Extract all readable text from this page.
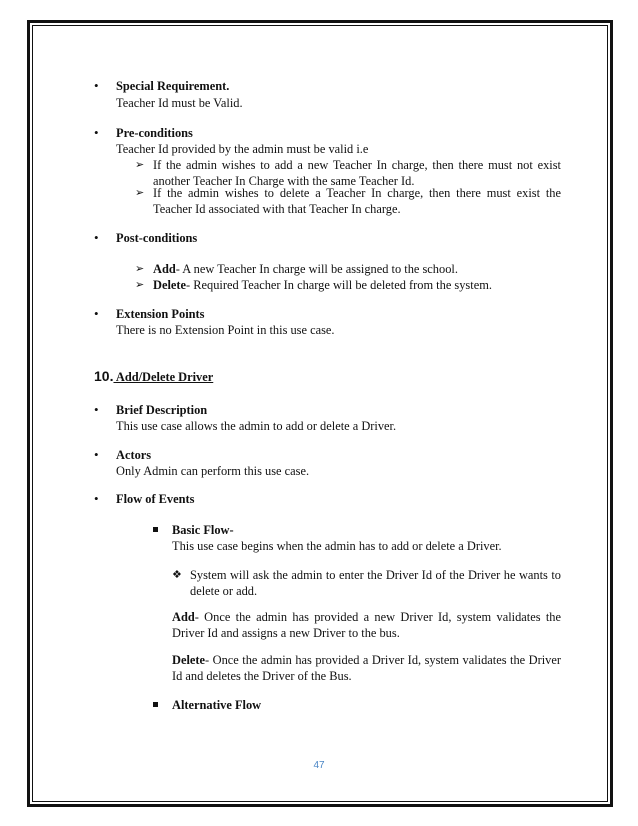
• Special Requirement.
Teacher Id must be Valid.
• Pre-conditions
Teacher Id provided by the admin must be valid i.e
➢ If the admin wishes to add a new Teacher In charge, then there must not exist another Teacher In Charge with the same Teacher Id.
➢ If the admin wishes to delete a Teacher In charge, then there must exist the Teacher Id associated with that Teacher In charge.
• Post-conditions
➢ Add- A new Teacher In charge will be assigned to the school.
➢ Delete- Required Teacher In charge will be deleted from the system.
• Extension Points
There is no Extension Point in this use case.
10. Add/Delete Driver
• Brief Description
This use case allows the admin to add or delete a Driver.
• Actors
Only Admin can perform this use case.
• Flow of Events
Basic Flow-
This use case begins when the admin has to add or delete a Driver.
❖ System will ask the admin to enter the Driver Id of the Driver he wants to delete or add.
Add- Once the admin has provided a new Driver Id, system validates the Driver Id and assigns a new Driver to the bus.
Delete- Once the admin has provided a Driver Id, system validates the Driver Id and deletes the Driver of the Bus.
Alternative Flow
47
